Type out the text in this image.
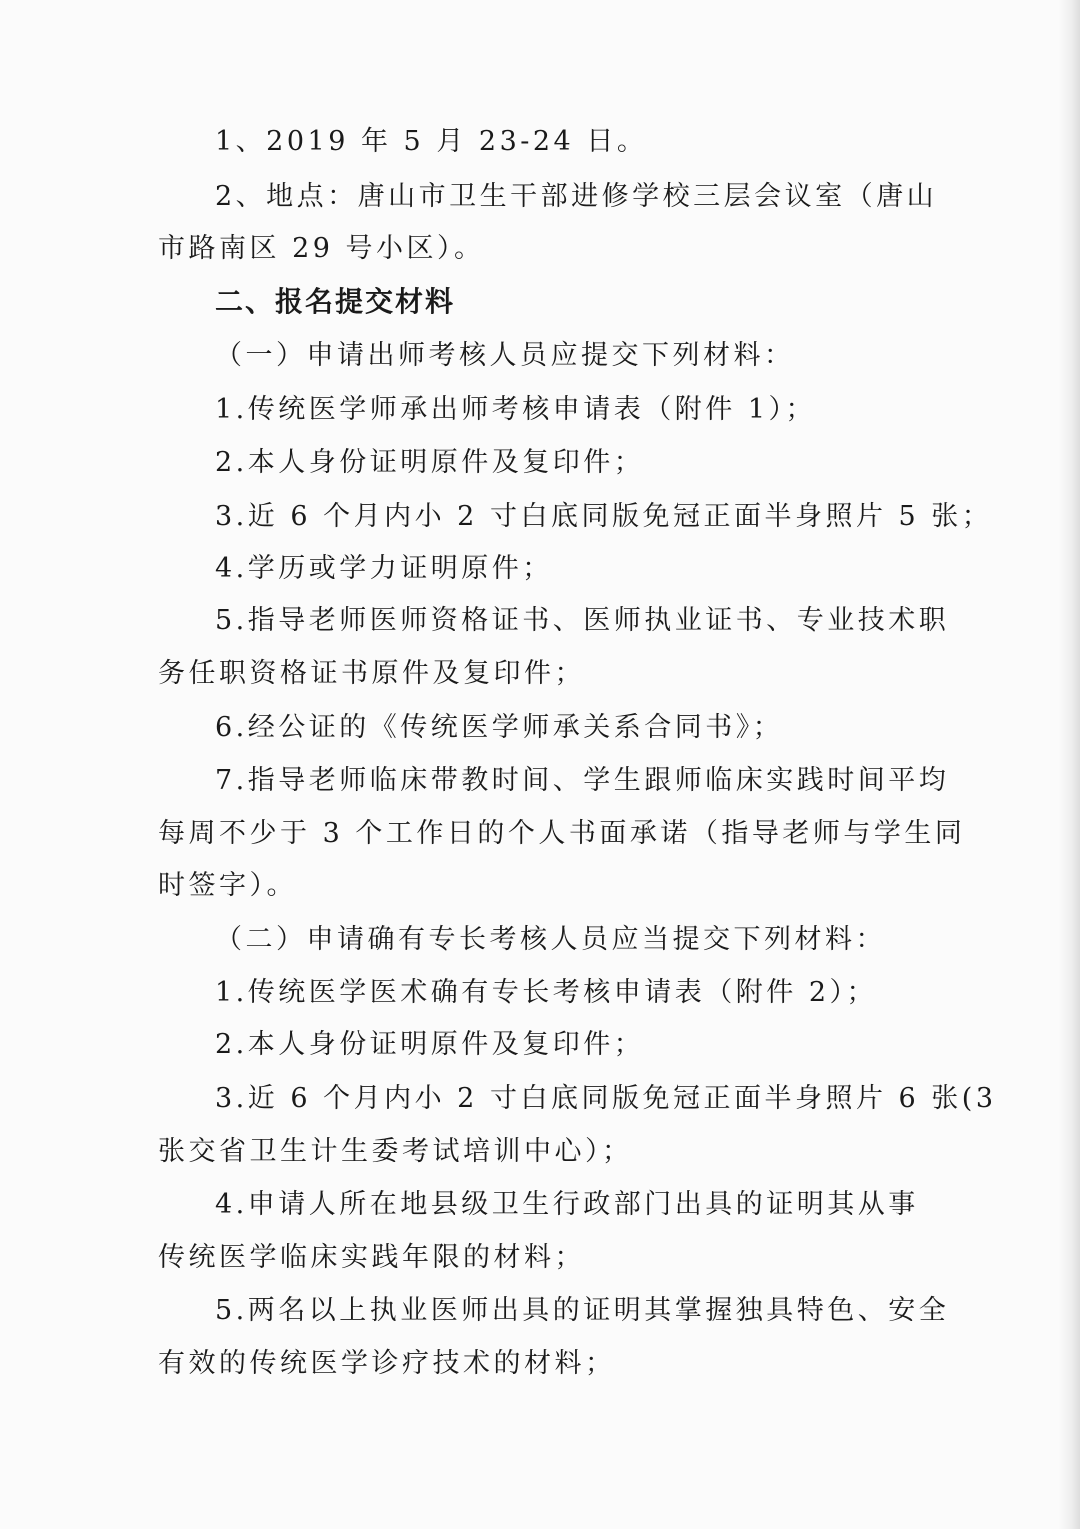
1、2019 年 5 月 23-24 日。

2、地点：唐山市卫生干部进修学校三层会议室（唐山

市路南区 29 号小区）。

二、报名提交材料

（一）申请出师考核人员应提交下列材料：

1.传统医学师承出师考核申请表（附件 1）；

2.本人身份证明原件及复印件；

3.近 6 个月内小 2 寸白底同版免冠正面半身照片 5 张；

4.学历或学力证明原件；

5.指导老师医师资格证书、医师执业证书、专业技术职

务任职资格证书原件及复印件；

6.经公证的《传统医学师承关系合同书》；

7.指导老师临床带教时间、学生跟师临床实践时间平均

每周不少于 3 个工作日的个人书面承诺（指导老师与学生同

时签字）。

（二）申请确有专长考核人员应当提交下列材料：

1.传统医学医术确有专长考核申请表（附件 2）；

2.本人身份证明原件及复印件；

3.近 6 个月内小 2 寸白底同版免冠正面半身照片 6 张(3

张交省卫生计生委考试培训中心）；

4.申请人所在地县级卫生行政部门出具的证明其从事

传统医学临床实践年限的材料；

5.两名以上执业医师出具的证明其掌握独具特色、安全

有效的传统医学诊疗技术的材料；
